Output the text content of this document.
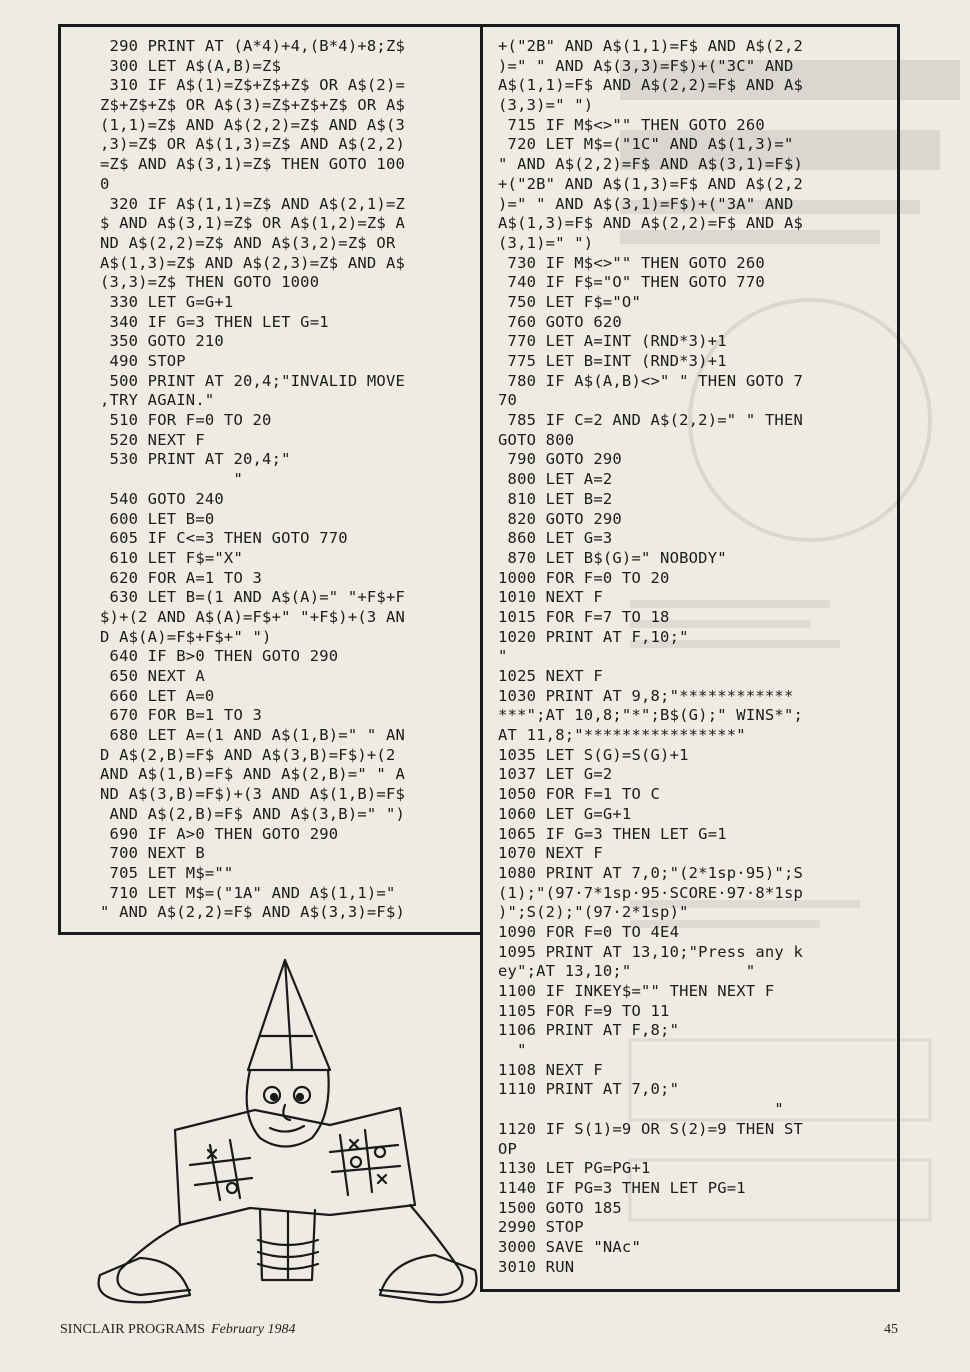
290 PRINT AT (A*4)+4,(B*4)+8;Z$
300 LET A$(A,B)=Z$
310 IF A$(1)=Z$+Z$+Z$ OR A$(2)=
Z$+Z$+Z$ OR A$(3)=Z$+Z$+Z$ OR A$
(1,1)=Z$ AND A$(2,2)=Z$ AND A$(3
,3)=Z$ OR A$(1,3)=Z$ AND A$(2,2)
=Z$ AND A$(3,1)=Z$ THEN GOTO 100
0
320 IF A$(1,1)=Z$ AND A$(2,1)=Z
$ AND A$(3,1)=Z$ OR A$(1,2)=Z$ A
ND A$(2,2)=Z$ AND A$(3,2)=Z$ OR
A$(1,3)=Z$ AND A$(2,3)=Z$ AND A$
(3,3)=Z$ THEN GOTO 1000
330 LET G=G+1
340 IF G=3 THEN LET G=1
350 GOTO 210
490 STOP
500 PRINT AT 20,4;"INVALID MOVE
,TRY AGAIN."
510 FOR F=0 TO 20
520 NEXT F
530 PRINT AT 20,4;"
"
540 GOTO 240
600 LET B=0
605 IF C<=3 THEN GOTO 770
610 LET F$="X"
620 FOR A=1 TO 3
630 LET B=(1 AND A$(A)=" "+F$+F
$)+(2 AND A$(A)=F$+" "+F$)+(3 AN
D A$(A)=F$+F$+" ")
640 IF B>0 THEN GOTO 290
650 NEXT A
660 LET A=0
670 FOR B=1 TO 3
680 LET A=(1 AND A$(1,B)=" " AN
D A$(2,B)=F$ AND A$(3,B)=F$)+(2
AND A$(1,B)=F$ AND A$(2,B)=" " A
ND A$(3,B)=F$)+(3 AND A$(1,B)=F$
AND A$(2,B)=F$ AND A$(3,B)=" ")
690 IF A>0 THEN GOTO 290
700 NEXT B
705 LET M$=""
710 LET M$=("1A" AND A$(1,1)="
" AND A$(2,2)=F$ AND A$(3,3)=F$)
+("2B" AND A$(1,1)=F$ AND A$(2,2
)=" " AND A$(3,3)=F$)+("3C" AND
A$(1,1)=F$ AND A$(2,2)=F$ AND A$
(3,3)=" ")
715 IF M$<>"" THEN GOTO 260
720 LET M$=("1C" AND A$(1,3)="
" AND A$(2,2)=F$ AND A$(3,1)=F$)
+("2B" AND A$(1,3)=F$ AND A$(2,2
)=" " AND A$(3,1)=F$)+("3A" AND
A$(1,3)=F$ AND A$(2,2)=F$ AND A$
(3,1)=" ")
730 IF M$<>"" THEN GOTO 260
740 IF F$="O" THEN GOTO 770
750 LET F$="O"
760 GOTO 620
770 LET A=INT (RND*3)+1
775 LET B=INT (RND*3)+1
780 IF A$(A,B)<>" " THEN GOTO 7
70
785 IF C=2 AND A$(2,2)=" " THEN
GOTO 800
790 GOTO 290
800 LET A=2
810 LET B=2
820 GOTO 290
860 LET G=3
870 LET B$(G)=" NOBODY"
1000 FOR F=0 TO 20
1010 NEXT F
1015 FOR F=7 TO 18
1020 PRINT AT F,10;"
"
1025 NEXT F
1030 PRINT AT 9,8;"************
***";AT 10,8;"*";B$(G);" WINS*";
AT 11,8;"****************"
1035 LET S(G)=S(G)+1
1037 LET G=2
1050 FOR F=1 TO C
1060 LET G=G+1
1065 IF G=3 THEN LET G=1
1070 NEXT F
1080 PRINT AT 7,0;"(2*1sp·95)";S
(1);"(97·7*1sp·95·SCORE·97·8*1sp
)";S(2);"(97·2*1sp)"
1090 FOR F=0 TO 4E4
1095 PRINT AT 13,10;"Press any k
ey";AT 13,10;"            "
1100 IF INKEY$="" THEN NEXT F
1105 FOR F=9 TO 11
1106 PRINT AT F,8;"
"
1108 NEXT F
1110 PRINT AT 7,0;"
"
1120 IF S(1)=9 OR S(2)=9 THEN ST
OP
1130 LET PG=PG+1
1140 IF PG=3 THEN LET PG=1
1500 GOTO 185
2990 STOP
3000 SAVE "NAc"
3010 RUN
SINCLAIR PROGRAMS February 1984	45
